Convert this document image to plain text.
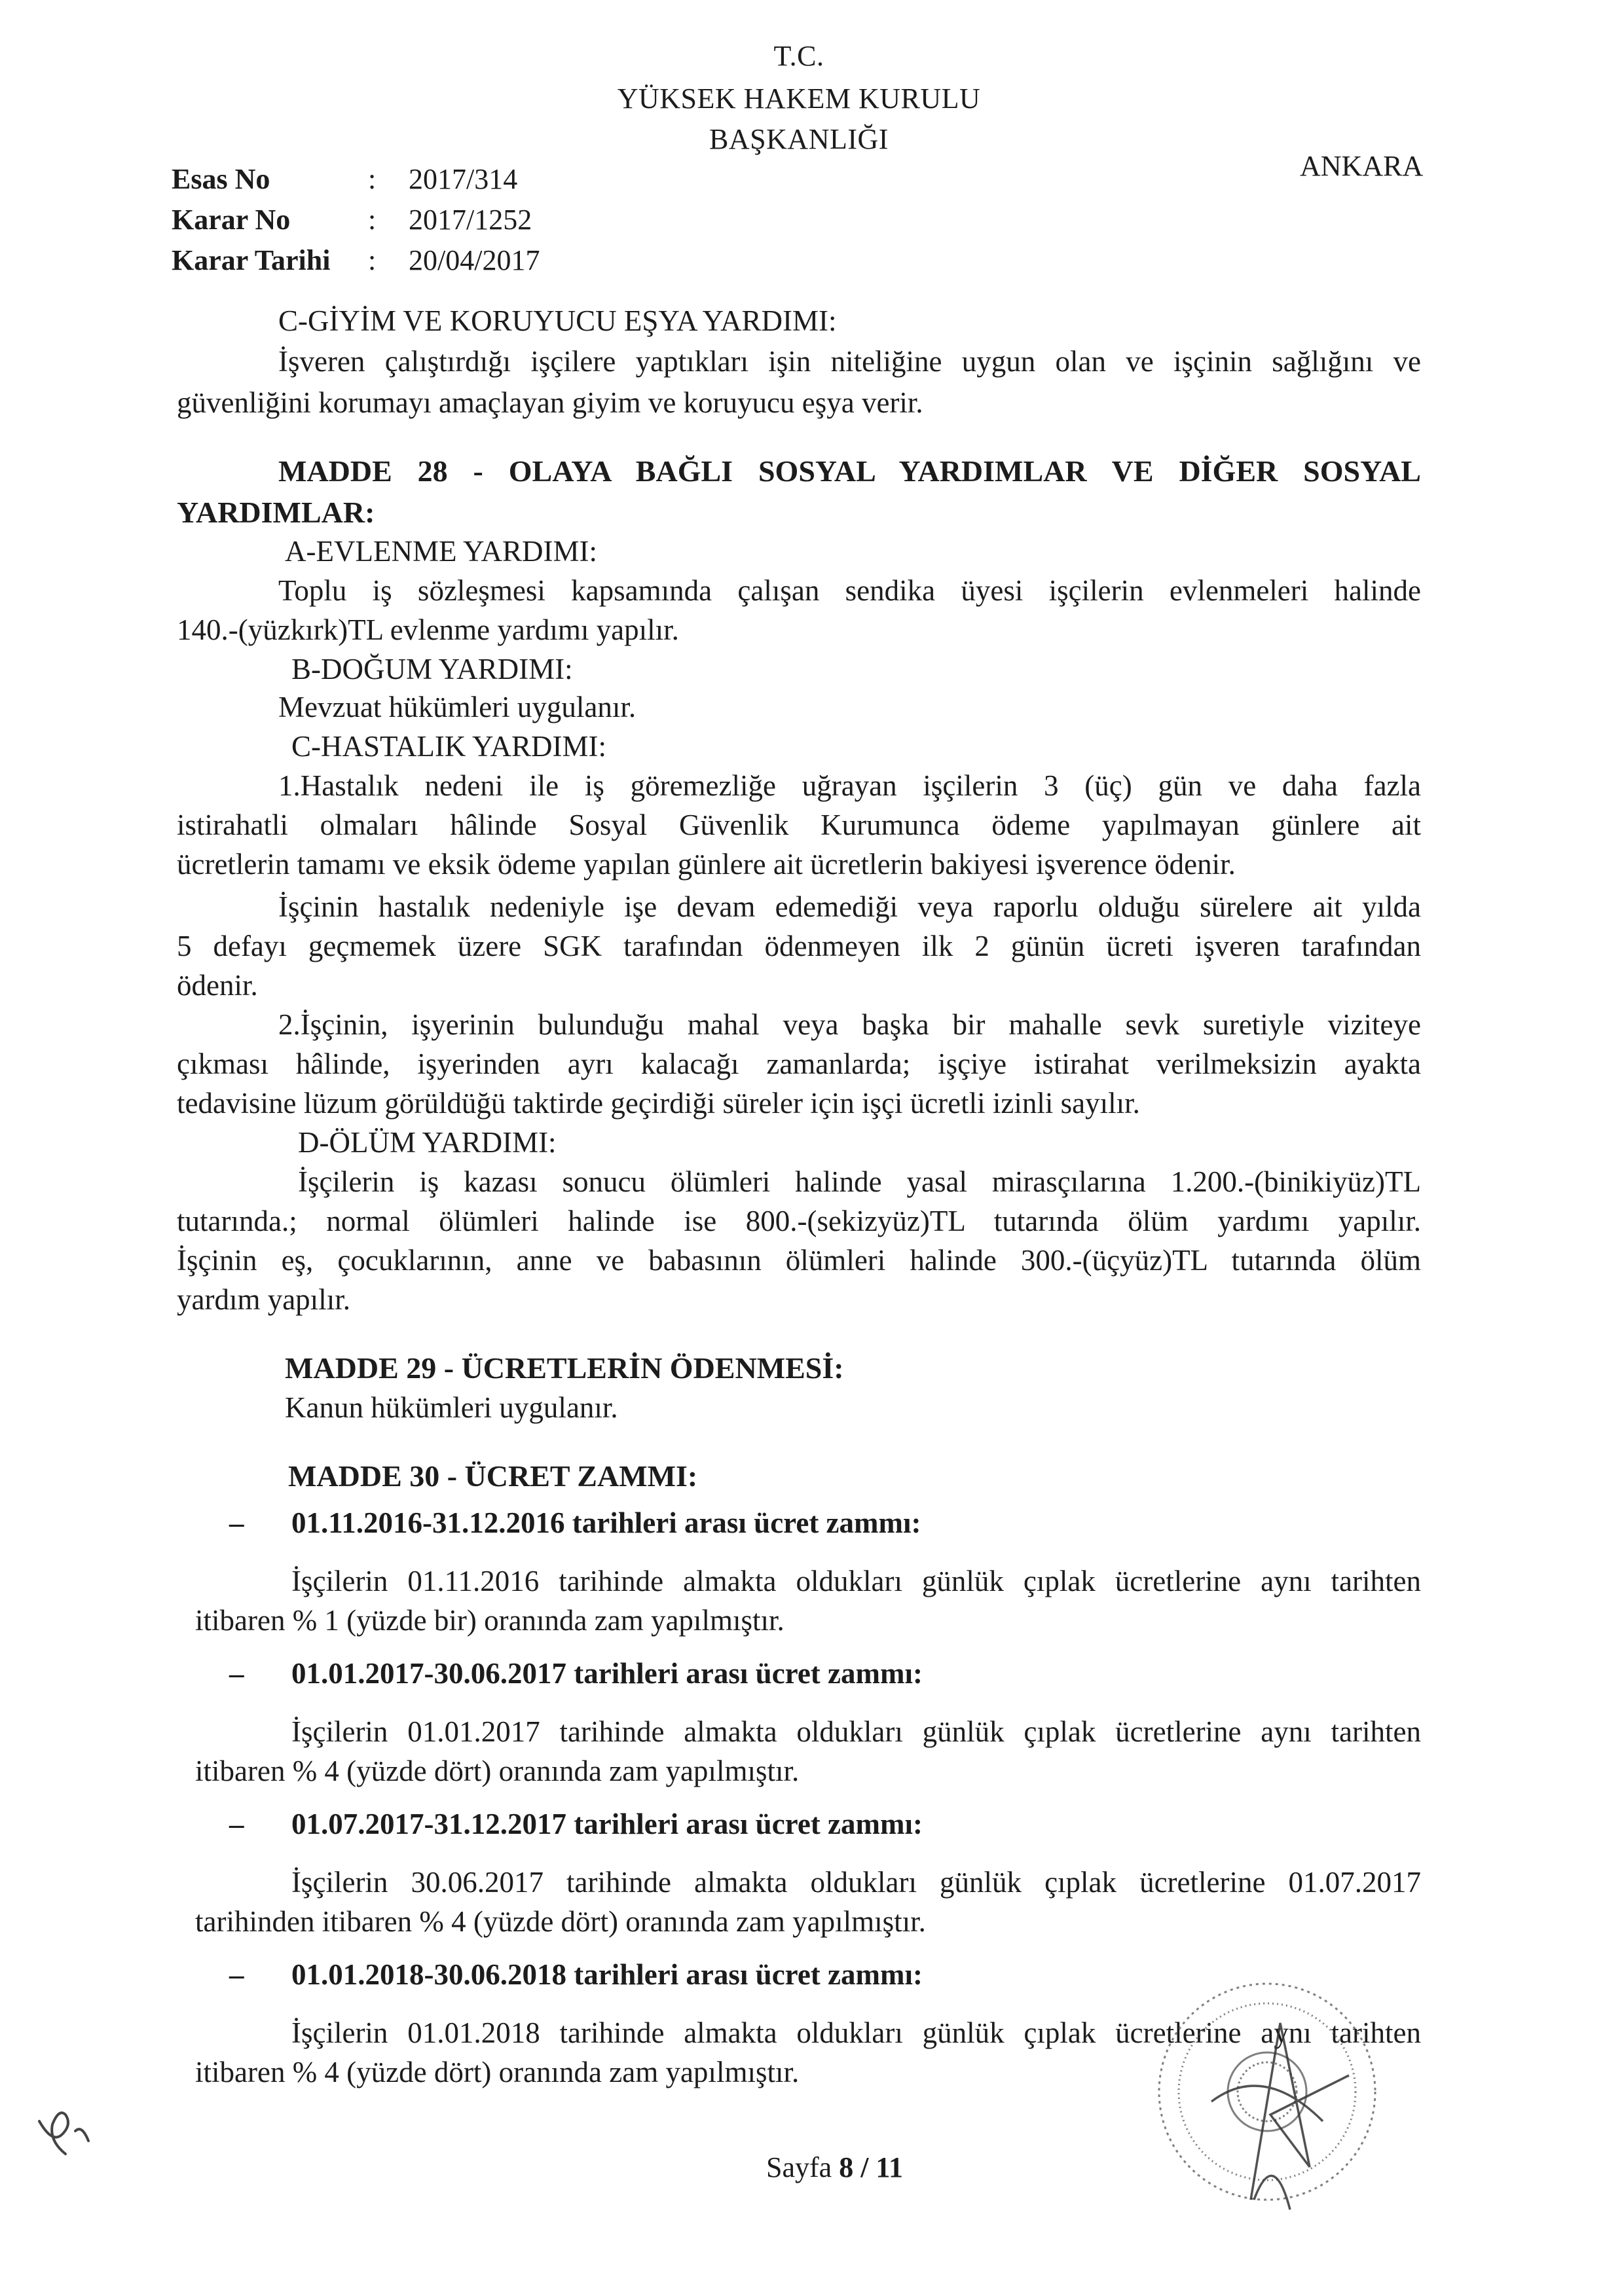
T.C.
YÜKSEK HAKEM KURULU
BAŞKANLIĞI
ANKARA
Esas No	:	2017/314
Karar No	:	2017/1252
Karar Tarihi	:	20/04/2017
C-GİYİM VE KORUYUCU EŞYA YARDIMI:
İşveren çalıştırdığı işçilere yaptıkları işin niteliğine uygun olan ve işçinin sağlığını ve
güvenliğini korumayı amaçlayan giyim ve koruyucu eşya verir.
MADDE 28 - OLAYA BAĞLI SOSYAL YARDIMLAR VE DİĞER SOSYAL
YARDIMLAR:
A-EVLENME YARDIMI:
Toplu iş sözleşmesi kapsamında çalışan sendika üyesi işçilerin evlenmeleri halinde
140.-(yüzkırk)TL evlenme yardımı yapılır.
B-DOĞUM YARDIMI:
Mevzuat hükümleri uygulanır.
C-HASTALIK YARDIMI:
1.Hastalık nedeni ile iş göremezliğe uğrayan işçilerin 3 (üç) gün ve daha fazla
istirahatli olmaları hâlinde Sosyal Güvenlik Kurumunca ödeme yapılmayan günlere ait
ücretlerin tamamı ve eksik ödeme yapılan günlere ait ücretlerin bakiyesi işverence ödenir.
İşçinin hastalık nedeniyle işe devam edemediği veya raporlu olduğu sürelere ait yılda
5 defayı geçmemek üzere SGK tarafından ödenmeyen ilk 2 günün ücreti işveren tarafından
ödenir.
2.İşçinin, işyerinin bulunduğu mahal veya başka bir mahalle sevk suretiyle viziteye
çıkması hâlinde, işyerinden ayrı kalacağı zamanlarda; işçiye istirahat verilmeksizin ayakta
tedavisine lüzum görüldüğü taktirde geçirdiği süreler için işçi ücretli izinli sayılır.
D-ÖLÜM YARDIMI:
İşçilerin iş kazası sonucu ölümleri halinde yasal mirasçılarına 1.200.-(binikiyüz)TL
tutarında.; normal ölümleri halinde ise 800.-(sekizyüz)TL tutarında ölüm yardımı yapılır.
İşçinin eş, çocuklarının, anne ve babasının ölümleri halinde 300.-(üçyüz)TL tutarında ölüm
yardım yapılır.
MADDE 29 - ÜCRETLERİN ÖDENMESİ:
Kanun hükümleri uygulanır.
MADDE 30 - ÜCRET ZAMMI:
– 01.11.2016-31.12.2016 tarihleri arası ücret zammı:
İşçilerin 01.11.2016 tarihinde almakta oldukları günlük çıplak ücretlerine aynı tarihten
itibaren % 1 (yüzde bir) oranında zam yapılmıştır.
– 01.01.2017-30.06.2017 tarihleri arası ücret zammı:
İşçilerin 01.01.2017 tarihinde almakta oldukları günlük çıplak ücretlerine aynı tarihten
itibaren % 4 (yüzde dört) oranında zam yapılmıştır.
– 01.07.2017-31.12.2017 tarihleri arası ücret zammı:
İşçilerin 30.06.2017 tarihinde almakta oldukları günlük çıplak ücretlerine 01.07.2017
tarihinden itibaren % 4 (yüzde dört) oranında zam yapılmıştır.
– 01.01.2018-30.06.2018 tarihleri arası ücret zammı:
İşçilerin 01.01.2018 tarihinde almakta oldukları günlük çıplak ücretlerine aynı tarihten
itibaren % 4 (yüzde dört) oranında zam yapılmıştır.
Sayfa 8 / 11
